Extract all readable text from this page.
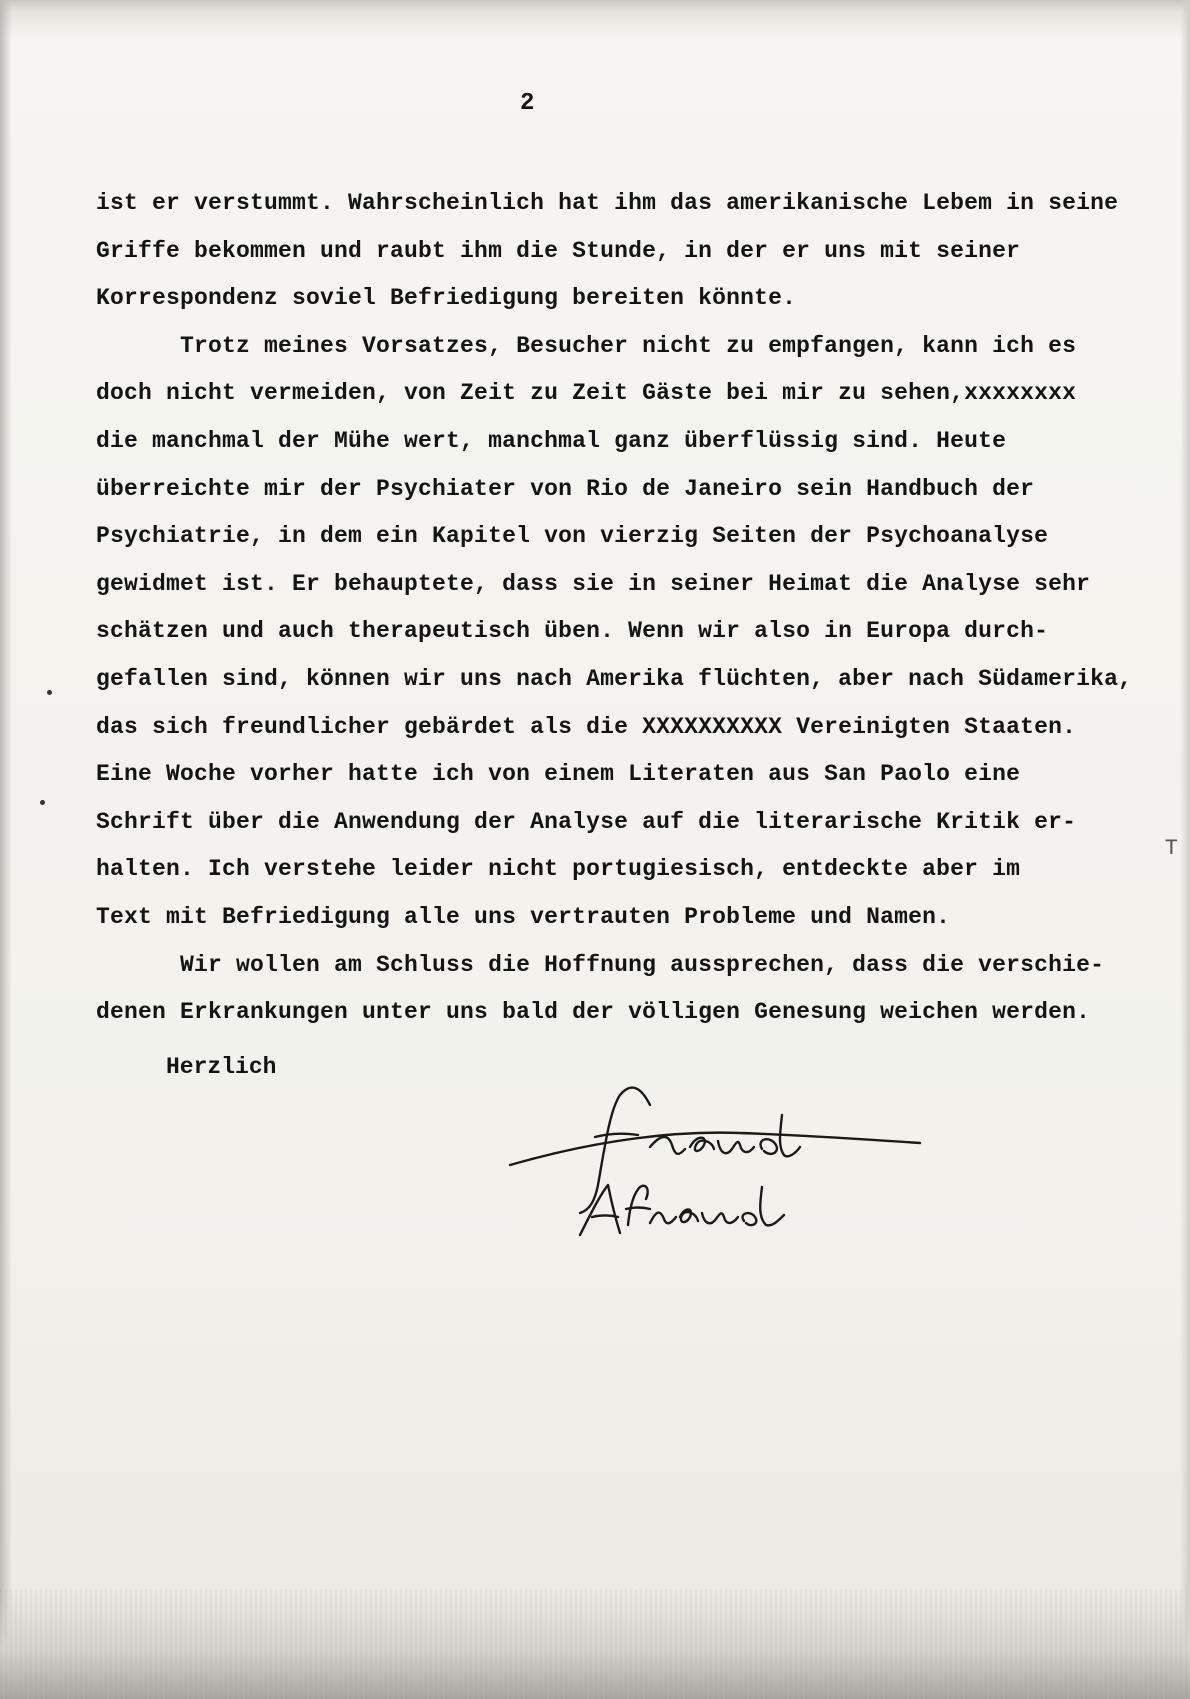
2
ist er verstummt. Wahrscheinlich hat ihm das amerikanische Lebem in seine
Griffe bekommen und raubt ihm die Stunde, in der er uns mit seiner
Korrespondenz soviel Befriedigung bereiten könnte.
Trotz meines Vorsatzes, Besucher nicht zu empfangen, kann ich es
doch nicht vermeiden, von Zeit zu Zeit Gäste bei mir zu sehen,xxxxxxxx
die manchmal der Mühe wert, manchmal ganz überflüssig sind. Heute
überreichte mir der Psychiater von Rio de Janeiro sein Handbuch der
Psychiatrie, in dem ein Kapitel von vierzig Seiten der Psychoanalyse
gewidmet ist. Er behauptete, dass sie in seiner Heimat die Analyse sehr
schätzen und auch therapeutisch üben. Wenn wir also in Europa durch-
gefallen sind, können wir uns nach Amerika flüchten, aber nach Südamerika,
das sich freundlicher gebärdet als die XXXXXXXXXX Vereinigten Staaten.
Eine Woche vorher hatte ich von einem Literaten aus San Paolo eine
Schrift über die Anwendung der Analyse auf die literarische Kritik er-
halten. Ich verstehe leider nicht portugiesisch, entdeckte aber im
Text mit Befriedigung alle uns vertrauten Probleme und Namen.
Wir wollen am Schluss die Hoffnung aussprechen, dass die verschie-
denen Erkrankungen unter uns bald der völligen Genesung weichen werden.
Herzlich
T
